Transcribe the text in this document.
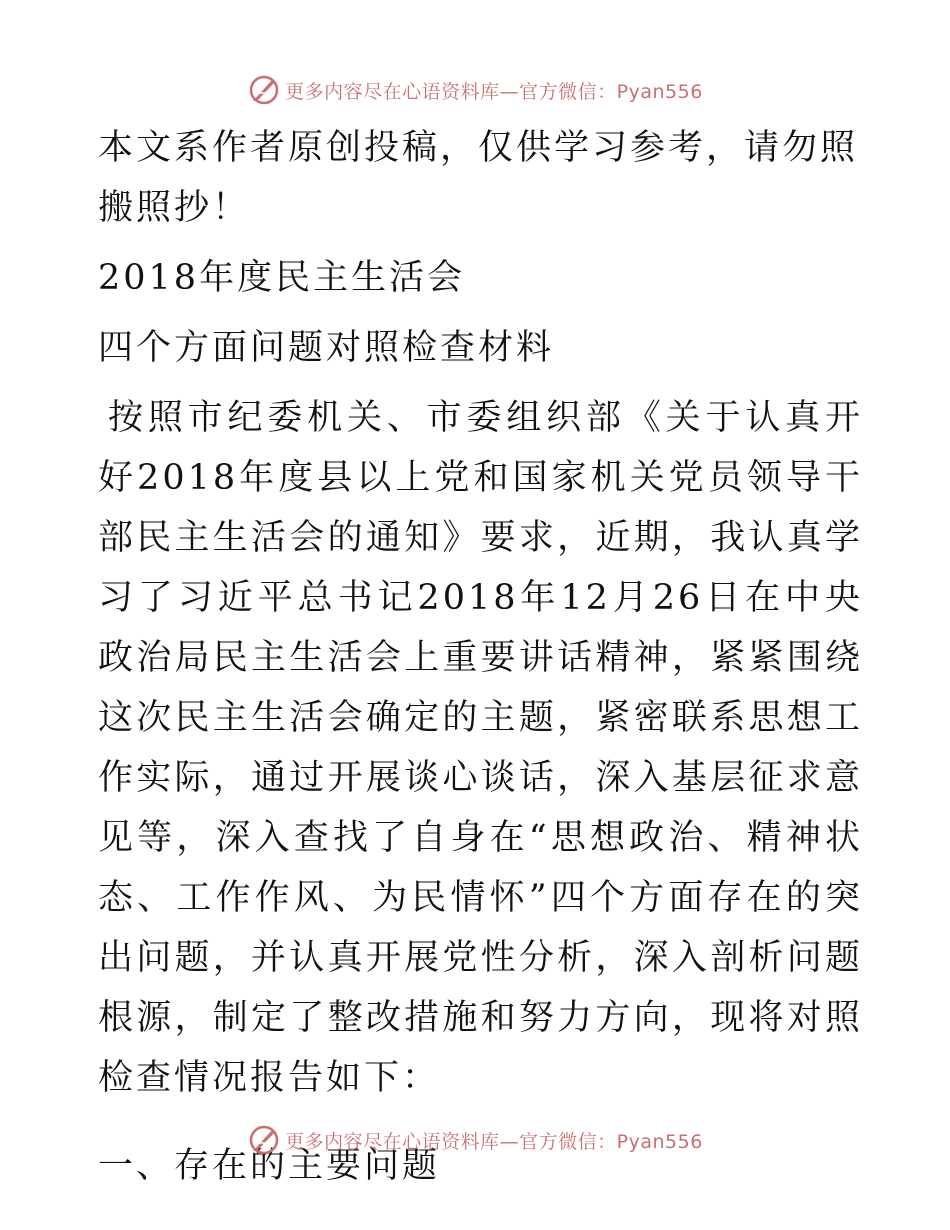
更多内容尽在心语资料库—官方微信：Pyan556

本文系作者原创投稿，仅供学习参考，请勿照搬照抄！

2018年度民主生活会

四个方面问题对照检查材料

按照市纪委机关、市委组织部《关于认真开好2018年度县以上党和国家机关党员领导干部民主生活会的通知》要求，近期，我认真学习了习近平总书记2018年12月26日在中央政治局民主生活会上重要讲话精神，紧紧围绕这次民主生活会确定的主题，紧密联系思想工作实际，通过开展谈心谈话，深入基层征求意见等，深入查找了自身在“思想政治、精神状态、工作作风、为民情怀”四个方面存在的突出问题，并认真开展党性分析，深入剖析问题根源，制定了整改措施和努力方向，现将对照检查情况报告如下：

一、存在的主要问题

更多内容尽在心语资料库—官方微信：Pyan556
